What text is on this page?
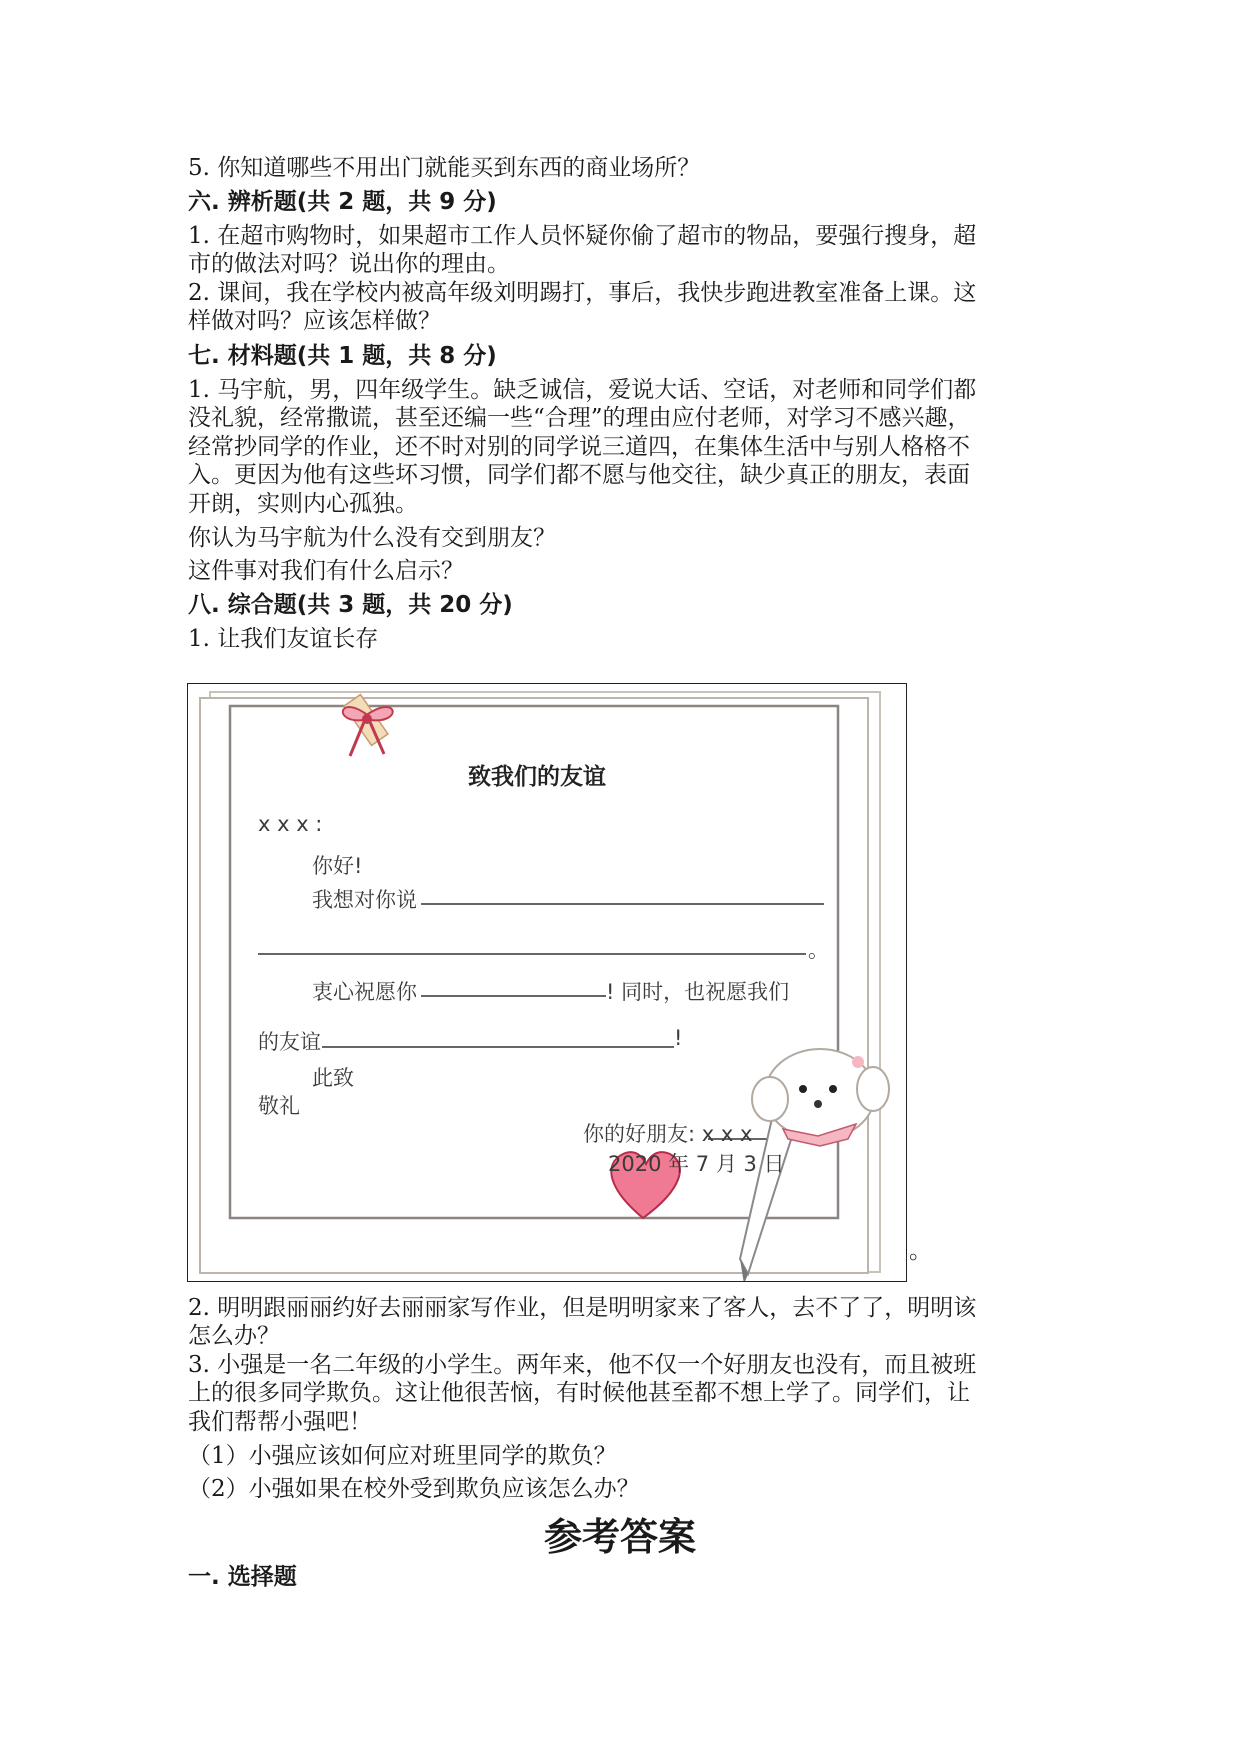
5. 你知道哪些不用出门就能买到东西的商业场所？
六. 辨析题(共 2 题，共 9 分)
1. 在超市购物时，如果超市工作人员怀疑你偷了超市的物品，要强行搜身，超
市的做法对吗？说出你的理由。
2. 课间，我在学校内被高年级刘明踢打，事后，我快步跑进教室准备上课。这
样做对吗？应该怎样做？
七. 材料题(共 1 题，共 8 分)
1. 马宇航，男，四年级学生。缺乏诚信，爱说大话、空话，对老师和同学们都
没礼貌，经常撒谎，甚至还编一些“合理”的理由应付老师，对学习不感兴趣，
经常抄同学的作业，还不时对别的同学说三道四，在集体生活中与别人格格不
入。更因为他有这些坏习惯，同学们都不愿与他交往，缺少真正的朋友，表面
开朗，实则内心孤独。
你认为马宇航为什么没有交到朋友？
这件事对我们有什么启示？
八. 综合题(共 3 题，共 20 分)
1. 让我们友谊长存
致我们的友谊
x x x :
你好!
我想对你说
。
衷心祝愿你	! 同时，也祝愿我们
的友谊	!
此致
敬礼
你的好朋友: x x x
2020 年 7 月 3 日
。
2. 明明跟丽丽约好去丽丽家写作业，但是明明家来了客人，去不了了，明明该
怎么办？
3. 小强是一名二年级的小学生。两年来，他不仅一个好朋友也没有，而且被班
上的很多同学欺负。这让他很苦恼，有时候他甚至都不想上学了。同学们，让
我们帮帮小强吧！
（1）小强应该如何应对班里同学的欺负？
（2）小强如果在校外受到欺负应该怎么办？
参考答案
一. 选择题
